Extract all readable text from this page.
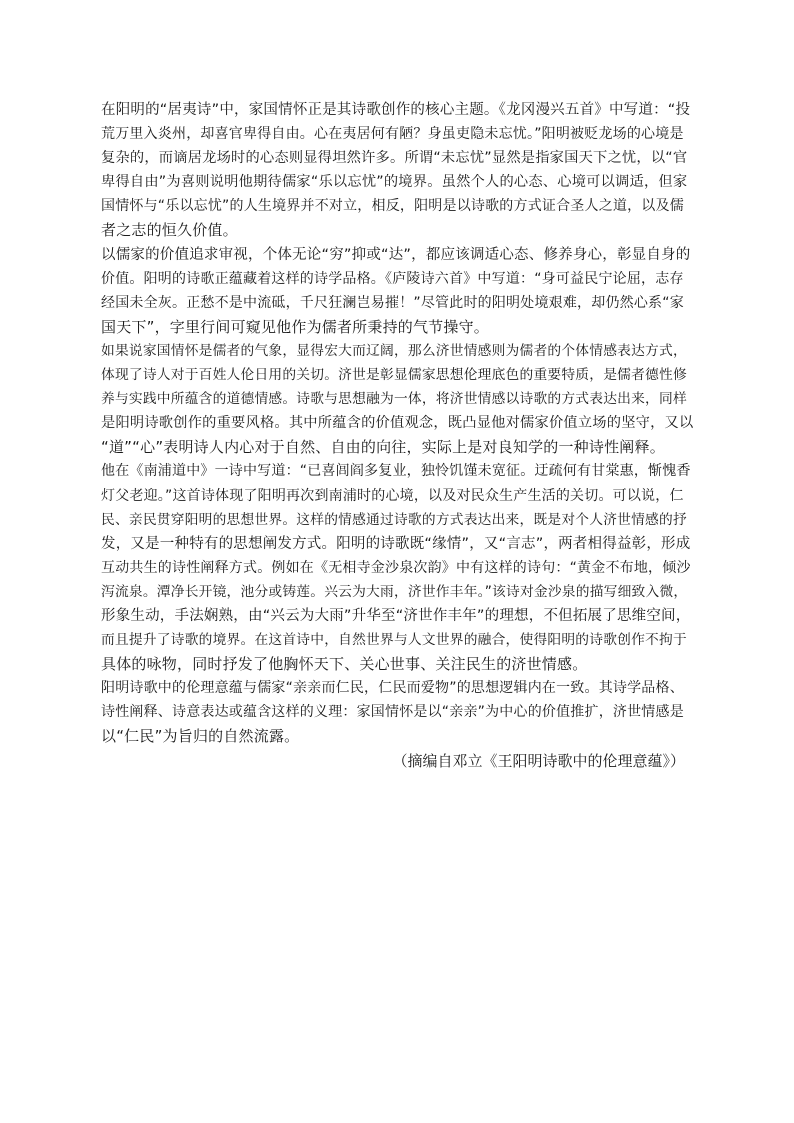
在阳明的“居夷诗”中，家国情怀正是其诗歌创作的核心主题。《龙冈漫兴五首》中写道：“投
荒万里入炎州，却喜官卑得自由。心在夷居何有陋？身虽吏隐未忘忧。”阳明被贬龙场的心境是
复杂的，而谪居龙场时的心态则显得坦然许多。所谓“未忘忧”显然是指家国天下之忧，以“官
卑得自由”为喜则说明他期待儒家“乐以忘忧”的境界。虽然个人的心态、心境可以调适，但家
国情怀与“乐以忘忧”的人生境界并不对立，相反，阳明是以诗歌的方式证合圣人之道，以及儒
者之志的恒久价值。
以儒家的价值追求审视，个体无论“穷”抑或“达”，都应该调适心态、修养身心，彰显自身的
价值。阳明的诗歌正蕴藏着这样的诗学品格。《庐陵诗六首》中写道：“身可益民宁论屈，志存
经国未全灰。正愁不是中流砥，千尺狂澜岂易摧！”尽管此时的阳明处境艰难，却仍然心系“家
国天下”，字里行间可窥见他作为儒者所秉持的气节操守。
如果说家国情怀是儒者的气象，显得宏大而辽阔，那么济世情感则为儒者的个体情感表达方式，
体现了诗人对于百姓人伦日用的关切。济世是彰显儒家思想伦理底色的重要特质，是儒者德性修
养与实践中所蕴含的道德情感。诗歌与思想融为一体，将济世情感以诗歌的方式表达出来，同样
是阳明诗歌创作的重要风格。其中所蕴含的价值观念，既凸显他对儒家价值立场的坚守，又以
“道”“心”表明诗人内心对于自然、自由的向往，实际上是对良知学的一种诗性阐释。
他在《南浦道中》一诗中写道：“已喜闾阎多复业，独怜饥馑未宽征。迂疏何有甘棠惠，惭愧香
灯父老迎。”这首诗体现了阳明再次到南浦时的心境，以及对民众生产生活的关切。可以说，仁
民、亲民贯穿阳明的思想世界。这样的情感通过诗歌的方式表达出来，既是对个人济世情感的抒
发，又是一种特有的思想阐发方式。阳明的诗歌既“缘情”，又“言志”，两者相得益彰，形成
互动共生的诗性阐释方式。例如在《无相寺金沙泉次韵》中有这样的诗句：“黄金不布地，倾沙
泻流泉。潭净长开镜，池分或铸莲。兴云为大雨，济世作丰年。”该诗对金沙泉的描写细致入微，
形象生动，手法娴熟，由“兴云为大雨”升华至“济世作丰年”的理想，不但拓展了思维空间，
而且提升了诗歌的境界。在这首诗中，自然世界与人文世界的融合，使得阳明的诗歌创作不拘于
具体的咏物，同时抒发了他胸怀天下、关心世事、关注民生的济世情感。
阳明诗歌中的伦理意蕴与儒家“亲亲而仁民，仁民而爱物”的思想逻辑内在一致。其诗学品格、
诗性阐释、诗意表达或蕴含这样的义理：家国情怀是以“亲亲”为中心的价值推扩，济世情感是
以“仁民”为旨归的自然流露。
（摘编自邓立《王阳明诗歌中的伦理意蕴》）
